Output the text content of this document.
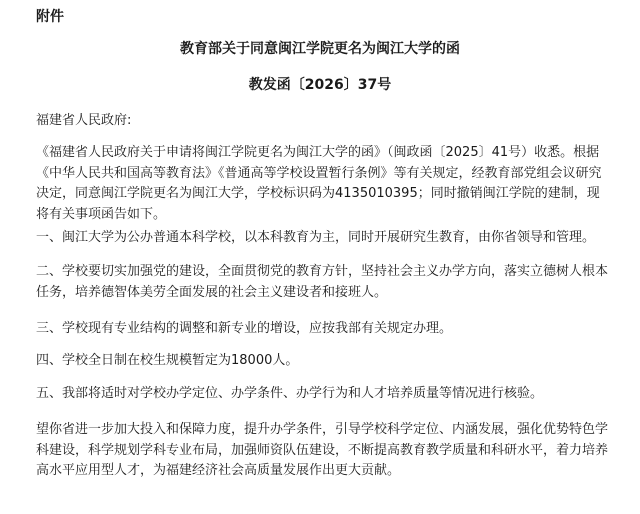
附件
教育部关于同意闽江学院更名为闽江大学的函
教发函〔2026〕37号
福建省人民政府:

《福建省人民政府关于申请将闽江学院更名为闽江大学的函》（闽政函〔2025〕41号）收悉。根据《中华人民共和国高等教育法》《普通高等学校设置暂行条例》等有关规定，经教育部党组会议研究决定，同意闽江学院更名为闽江大学，学校标识码为4135010395；同时撤销闽江学院的建制，现将有关事项函告如下。

一、闽江大学为公办普通本科学校，以本科教育为主，同时开展研究生教育，由你省领导和管理。

二、学校要切实加强党的建设，全面贯彻党的教育方针，坚持社会主义办学方向，落实立德树人根本任务，培养德智体美劳全面发展的社会主义建设者和接班人。

三、学校现有专业结构的调整和新专业的增设，应按我部有关规定办理。

四、学校全日制在校生规模暂定为18000人。

五、我部将适时对学校办学定位、办学条件、办学行为和人才培养质量等情况进行核验。

望你省进一步加大投入和保障力度，提升办学条件，引导学校科学定位、内涵发展，强化优势特色学科建设，科学规划学科专业布局，加强师资队伍建设，不断提高教育教学质量和科研水平，着力培养高水平应用型人才，为福建经济社会高质量发展作出更大贡献。
